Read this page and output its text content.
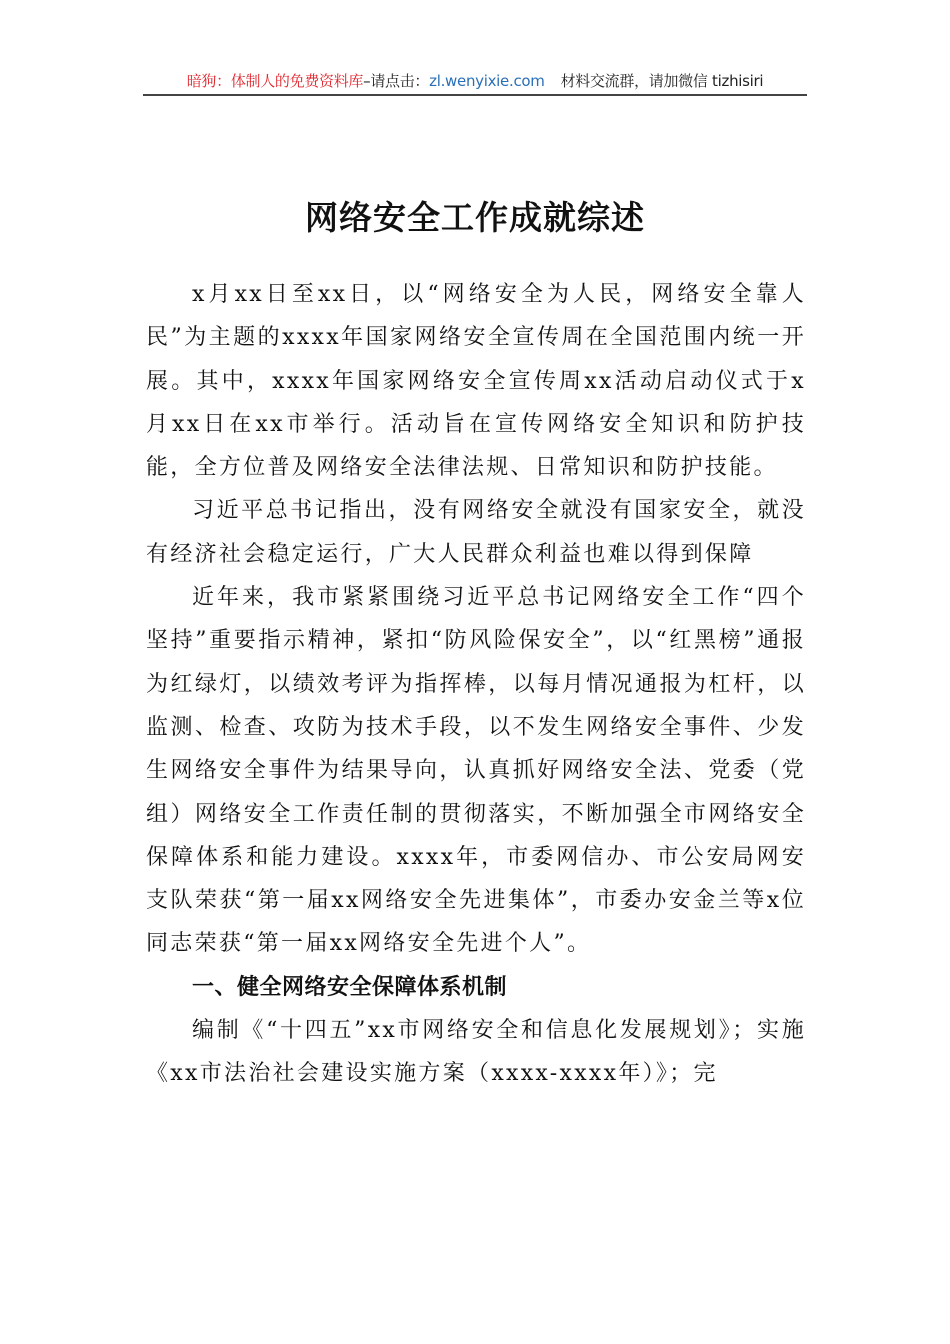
暗狗：体制人的免费资料库–请点击：zl.wenyixie.com 材料交流群，请加微信 tizhisiri
网络安全工作成就综述

x月xx日至xx日，以“网络安全为人民，网络安全靠人民”为主题的xxxx年国家网络安全宣传周在全国范围内统一开展。其中，xxxx年国家网络安全宣传周xx活动启动仪式于x月xx日在xx市举行。活动旨在宣传网络安全知识和防护技能，全方位普及网络安全法律法规、日常知识和防护技能。

习近平总书记指出，没有网络安全就没有国家安全，就没有经济社会稳定运行，广大人民群众利益也难以得到保障

近年来，我市紧紧围绕习近平总书记网络安全工作“四个坚持”重要指示精神，紧扣“防风险保安全”，以“红黑榜”通报为红绿灯，以绩效考评为指挥棒，以每月情况通报为杠杆，以监测、检查、攻防为技术手段，以不发生网络安全事件、少发生网络安全事件为结果导向，认真抓好网络安全法、党委（党组）网络安全工作责任制的贯彻落实，不断加强全市网络安全保障体系和能力建设。xxxx年，市委网信办、市公安局网安支队荣获“第一届xx网络安全先进集体”，市委办安金兰等x位同志荣获“第一届xx网络安全先进个人”。

一、健全网络安全保障体系机制

编制《“十四五”xx市网络安全和信息化发展规划》；实施《xx市法治社会建设实施方案（xxxx-xxxx年）》；完
